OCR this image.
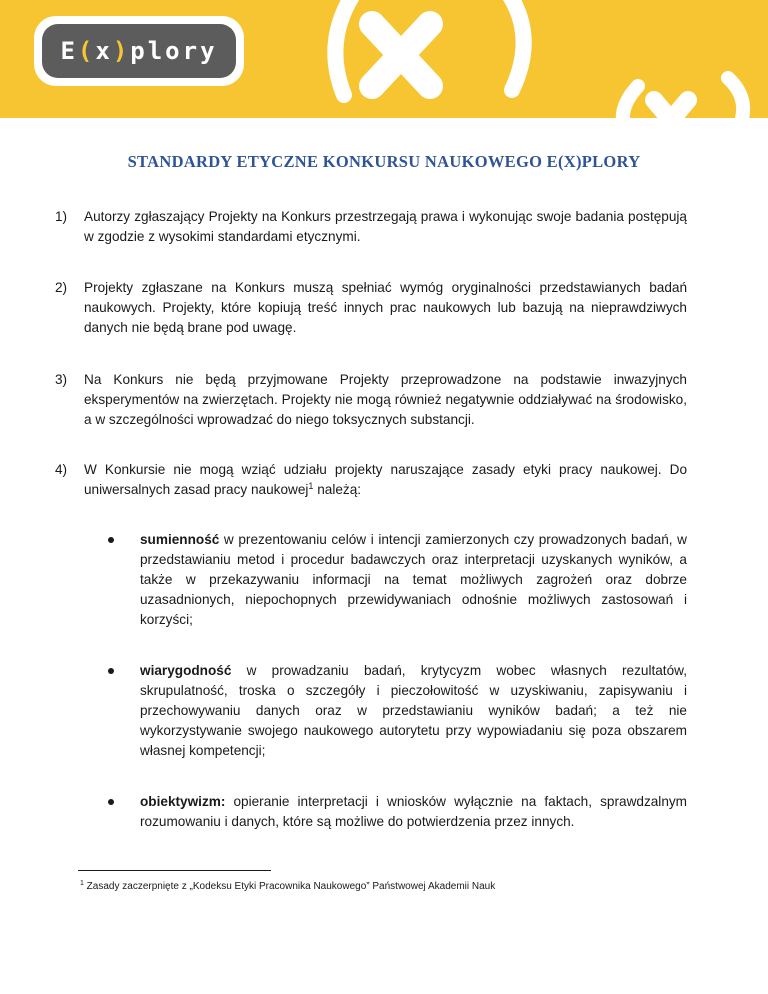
E ( x ) plory
STANDARDY ETYCZNE KONKURSU NAUKOWEGO E(X)PLORY
1) Autorzy zgłaszający Projekty na Konkurs przestrzegają prawa i wykonując swoje badania postępują w zgodzie z wysokimi standardami etycznymi.

2) Projekty zgłaszane na Konkurs muszą spełniać wymóg oryginalności przedstawianych badań naukowych. Projekty, które kopiują treść innych prac naukowych lub bazują na nieprawdziwych danych nie będą brane pod uwagę.

3) Na Konkurs nie będą przyjmowane Projekty przeprowadzone na podstawie inwazyjnych eksperymentów na zwierzętach. Projekty nie mogą również negatywnie oddziaływać na środowisko, a w szczególności wprowadzać do niego toksycznych substancji.

4) W Konkursie nie mogą wziąć udziału projekty naruszające zasady etyki pracy naukowej. Do uniwersalnych zasad pracy naukowej$^1$ należą:

sumienność w prezentowaniu celów i intencji zamierzonych czy prowadzonych badań, w przedstawianiu metod i procedur badawczych oraz interpretacji uzyskanych wyników, a także w przekazywaniu informacji na temat możliwych zagrożeń oraz dobrze uzasadnionych, niepochopnych przewidywaniach odnośnie możliwych zastosowań i korzyści;

wiarygodność w prowadzaniu badań, krytycyzm wobec własnych rezultatów, skrupulatność, troska o szczegóły i pieczołowitość w uzyskiwaniu, zapisywaniu i przechowywaniu danych oraz w przedstawianiu wyników badań; a też nie wykorzystywanie swojego naukowego autorytetu przy wypowiadaniu się poza obszarem własnej kompetencji;

obiektywizm: opieranie interpretacji i wniosków wyłącznie na faktach, sprawdzalnym rozumowaniu i danych, które są możliwe do potwierdzenia przez innych.

$^1$ Zasady zaczerpnięte z „Kodeksu Etyki Pracownika Naukowego” Państwowej Akademii Nauk
